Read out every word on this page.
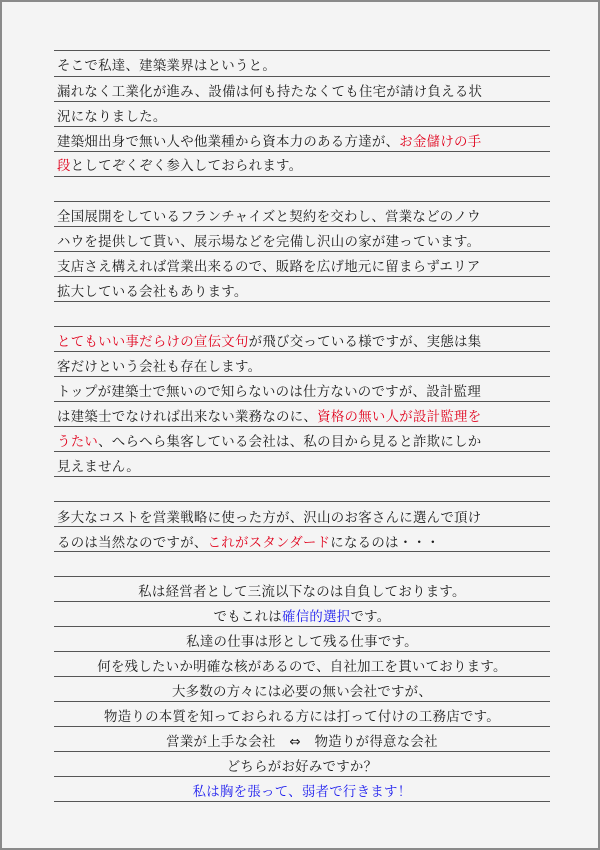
そこで私達、建築業界はというと。
漏れなく工業化が進み、設備は何も持たなくても住宅が請け負える状
況になりました。
建築畑出身で無い人や他業種から資本力のある方達が、お金儲けの手
段としてぞくぞく参入しておられます。
全国展開をしているフランチャイズと契約を交わし、営業などのノウ
ハウを提供して貰い、展示場などを完備し沢山の家が建っています。
支店さえ構えれば営業出来るので、販路を広げ地元に留まらずエリア
拡大している会社もあります。
とてもいい事だらけの宣伝文句が飛び交っている様ですが、実態は集
客だけという会社も存在します。
トップが建築士で無いので知らないのは仕方ないのですが、設計監理
は建築士でなければ出来ない業務なのに、資格の無い人が設計監理を
うたい、へらへら集客している会社は、私の目から見ると詐欺にしか
見えません。
多大なコストを営業戦略に使った方が、沢山のお客さんに選んで頂け
るのは当然なのですが、これがスタンダードになるのは・・・
私は経営者として三流以下なのは自負しております。
でもこれは確信的選択です。
私達の仕事は形として残る仕事です。
何を残したいか明確な核があるので、自社加工を貫いております。
大多数の方々には必要の無い会社ですが、
物造りの本質を知っておられる方には打って付けの工務店です。
営業が上手な会社　⇔　物造りが得意な会社
どちらがお好みですか？
私は胸を張って、弱者で行きます！
